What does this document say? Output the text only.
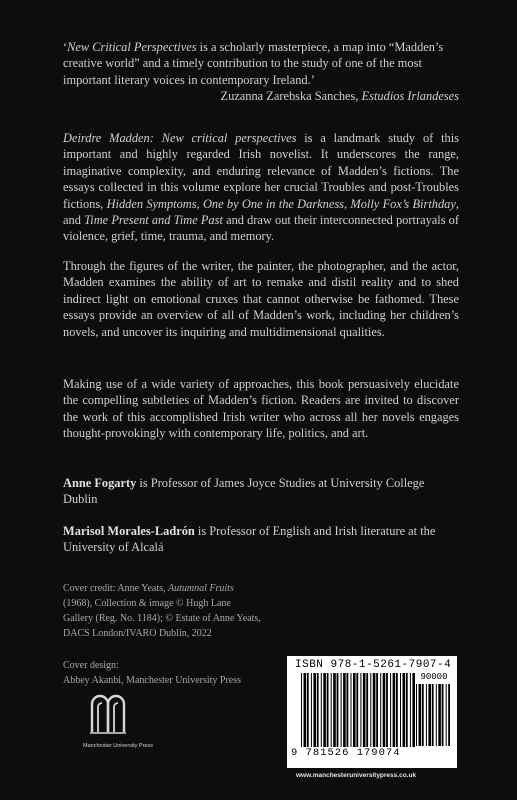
‘New Critical Perspectives is a scholarly masterpiece, a map into “Madden’s creative world” and a timely contribution to the study of one of the most important literary voices in contemporary Ireland.’
Zuzanna Zarebska Sanches, Estudios Irlandeses
Deirdre Madden: New critical perspectives is a landmark study of this important and highly regarded Irish novelist. It underscores the range, imaginative complexity, and enduring relevance of Madden’s fictions. The essays collected in this volume explore her crucial Troubles and post-Troubles fictions, Hidden Symptoms, One by One in the Darkness, Molly Fox’s Birthday, and Time Present and Time Past and draw out their interconnected portrayals of violence, grief, time, trauma, and memory.
Through the figures of the writer, the painter, the photographer, and the actor, Madden examines the ability of art to remake and distil reality and to shed indirect light on emotional cruxes that cannot otherwise be fathomed. These essays provide an overview of all of Madden’s work, including her children’s novels, and uncover its inquiring and multidimensional qualities.
Making use of a wide variety of approaches, this book persuasively elucidate the compelling subtleties of Madden’s fiction. Readers are invited to discover the work of this accomplished Irish writer who across all her novels engages thought-provokingly with contemporary life, politics, and art.
Anne Fogarty is Professor of James Joyce Studies at University College Dublin
Marisol Morales-Ladrón is Professor of English and Irish literature at the University of Alcalá
Cover credit: Anne Yeats, Autumnal Fruits (1968), Collection & image © Hugh Lane Gallery (Reg. No. 1184); © Estate of Anne Yeats, DACS London/IVARO Dublin, 2022
Cover design:
Abbey Akanbi, Manchester University Press
Manchester University Press
ISBN 978-1-5261-7907-4
90000
9 781526 179074
www.manchesteruniversitypress.co.uk
